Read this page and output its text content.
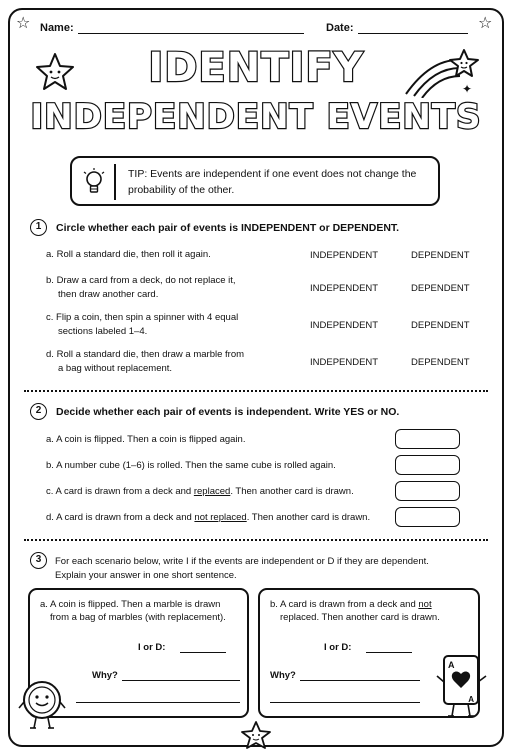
☆	☆
Name:	Date:
✦
IDENTIFY
INDEPENDENT EVENTS
TIP: Events are independent if one event does not change the probability of the other.
1	Circle whether each pair of events is INDEPENDENT or DEPENDENT.
a. Roll a standard die, then roll it again.	INDEPENDENT	DEPENDENT
b. Draw a card from a deck, do not replace it,
then draw another card.
INDEPENDENT	DEPENDENT
c. Flip a coin, then spin a spinner with 4 equal
sections labeled 1–4.
INDEPENDENT	DEPENDENT
d. Roll a standard die, then draw a marble from
a bag without replacement.
INDEPENDENT	DEPENDENT
2	Decide whether each pair of events is independent. Write YES or NO.
a. A coin is flipped. Then a coin is flipped again.
b. A number cube (1–6) is rolled. Then the same cube is rolled again.
c. A card is drawn from a deck and replaced. Then another card is drawn.
d. A card is drawn from a deck and not replaced. Then another card is drawn.
3	For each scenario below, write I if the events are independent or D if they are dependent.
Explain your answer in one short sentence.
a. A coin is flipped. Then a marble is drawn
from a bag of marbles (with replacement).
I or D:
Why?
b. A card is drawn from a deck and not
replaced. Then another card is drawn.
I or D:
Why?
A
A
